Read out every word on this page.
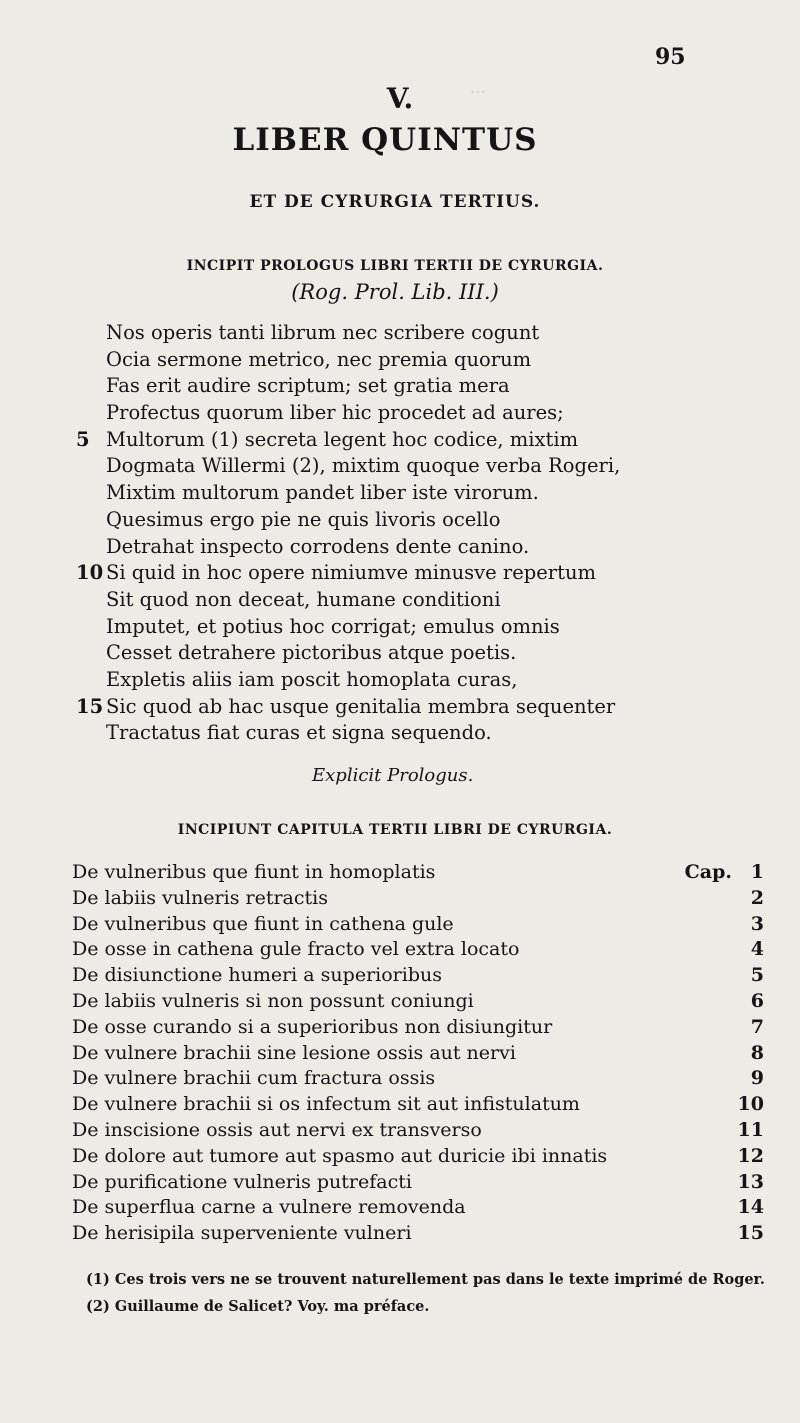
...
95
V.
LIBER QUINTUS
ET DE CYRURGIA TERTIUS.
INCIPIT PROLOGUS LIBRI TERTII DE CYRURGIA.
(Rog. Prol. Lib. III.)
Nos operis tanti librum nec scribere cogunt
Ocia sermone metrico, nec premia quorum
Fas erit audire scriptum; set gratia mera
Profectus quorum liber hic procedet ad aures;
5 Multorum (1) secreta legent hoc codice, mixtim
Dogmata Willermi (2), mixtim quoque verba Rogeri,
Mixtim multorum pandet liber iste virorum.
Quesimus ergo pie ne quis livoris ocello
Detrahat inspecto corrodens dente canino.
10 Si quid in hoc opere nimiumve minusve repertum
Sit quod non deceat, humane conditioni
Imputet, et potius hoc corrigat; emulus omnis
Cesset detrahere pictoribus atque poetis.
Expletis aliis iam poscit homoplata curas,
15 Sic quod ab hac usque genitalia membra sequenter
Tractatus fiat curas et signa sequendo.
Explicit Prologus.
INCIPIUNT CAPITULA TERTII LIBRI DE CYRURGIA.
De vulneribus que fiunt in homoplatis	Cap. 1
De labiis vulneris retractis	2
De vulneribus que fiunt in cathena gule	3
De osse in cathena gule fracto vel extra locato	4
De disiunctione humeri a superioribus	5
De labiis vulneris si non possunt coniungi	6
De osse curando si a superioribus non disiungitur	7
De vulnere brachii sine lesione ossis aut nervi	8
De vulnere brachii cum fractura ossis	9
De vulnere brachii si os infectum sit aut infistulatum	10
De inscisione ossis aut nervi ex transverso	11
De dolore aut tumore aut spasmo aut duricie ibi innatis	12
De purificatione vulneris putrefacti	13
De superflua carne a vulnere removenda	14
De herisipila superveniente vulneri	15
(1) Ces trois vers ne se trouvent naturellement pas dans le texte imprimé de Roger.
(2) Guillaume de Salicet? Voy. ma préface.
